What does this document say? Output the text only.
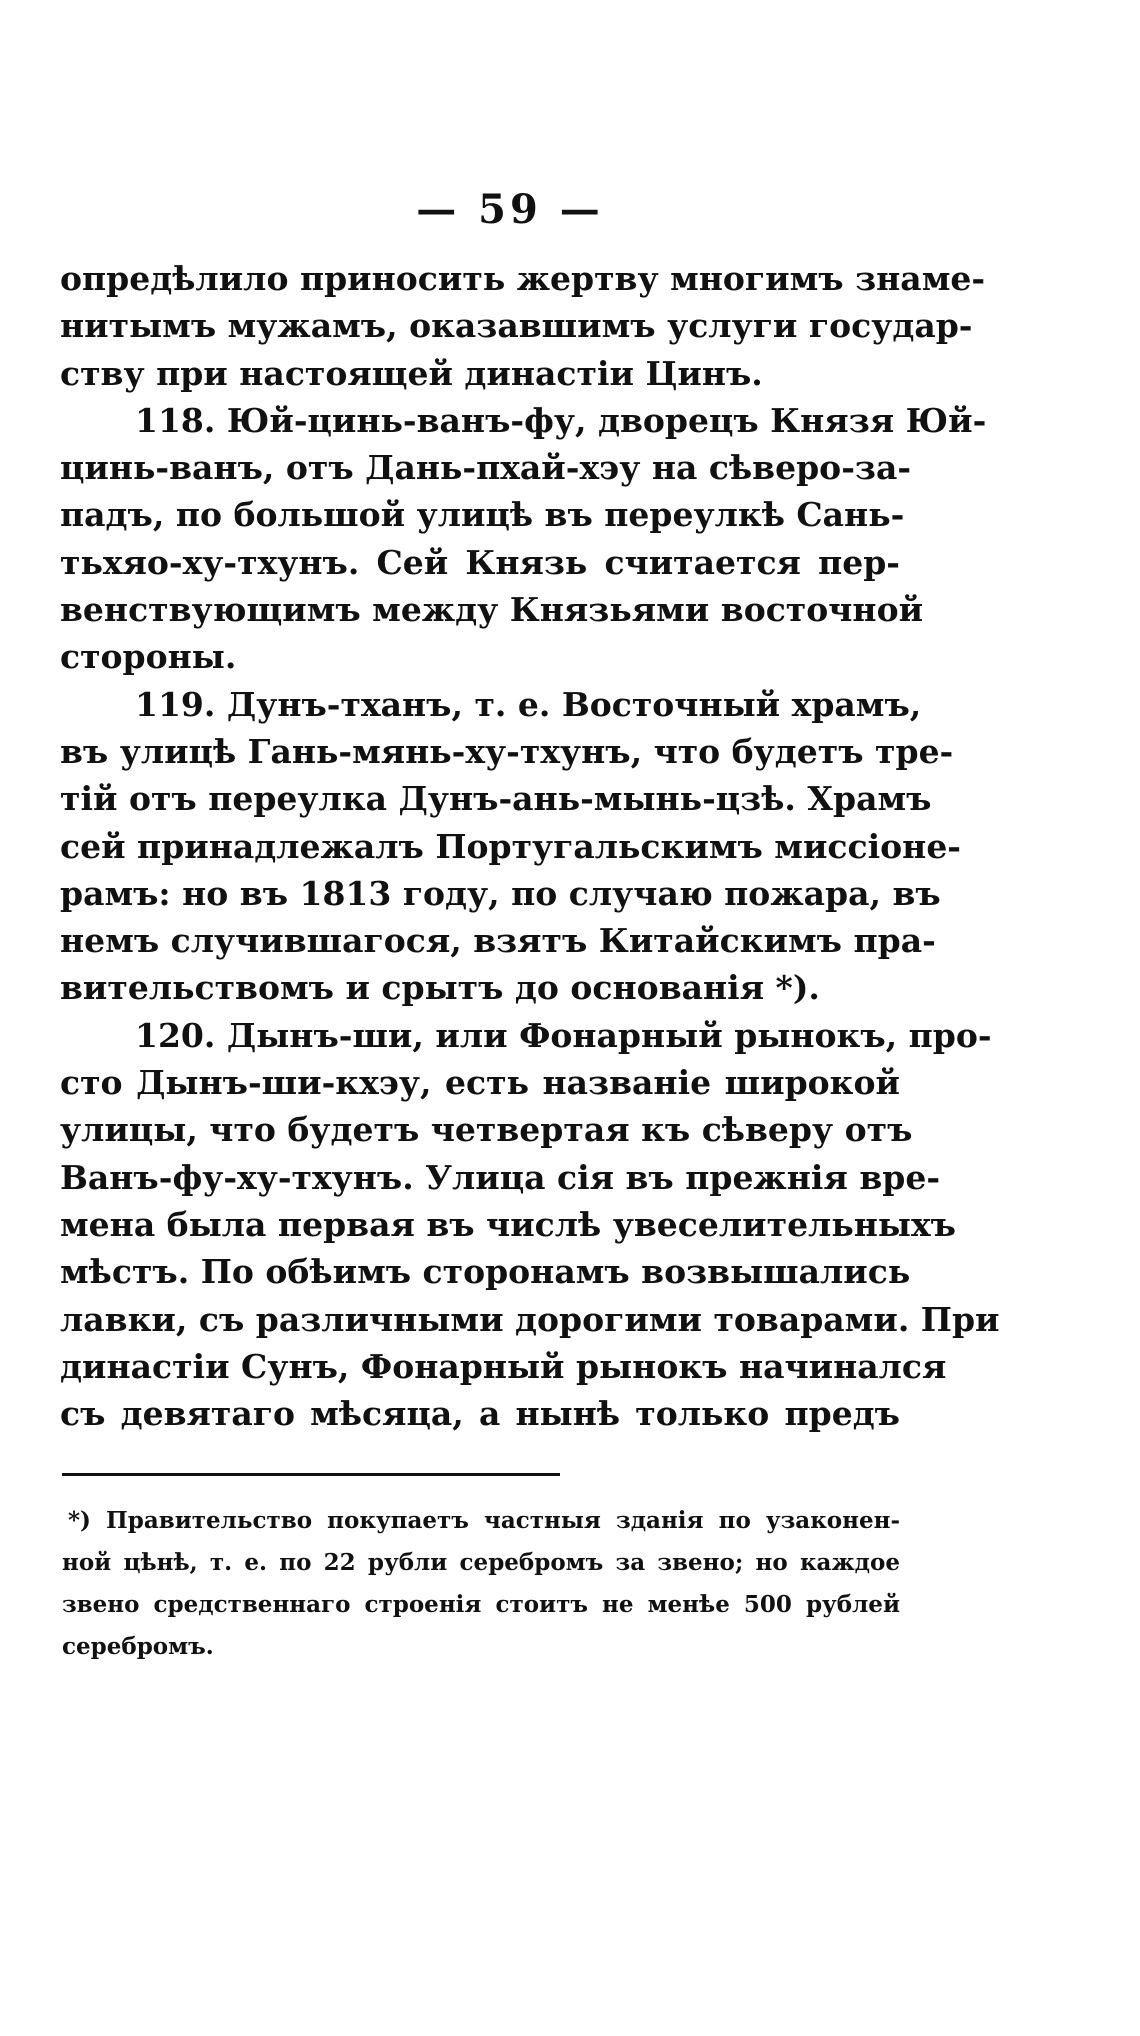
— 59 —
опредѣлило приносить жертву многимъ знаме-
нитымъ мужамъ, оказавшимъ услуги государ-
ству при настоящей династіи Цинъ.
118. Юй-цинь-ванъ-фу, дворецъ Князя Юй-
цинь-ванъ, отъ Дань-пхай-хэу на сѣверо-за-
падъ, по большой улицѣ въ переулкѣ Сань-
тьхяо-ху-тхунъ. Сей Князь считается пер-
венствующимъ между Князьями восточной
стороны.
119. Дунъ-тханъ, т. е. Восточный храмъ,
въ улицѣ Гань-мянь-ху-тхунъ, что будетъ тре-
тій отъ переулка Дунъ-ань-мынь-цзѣ. Храмъ
сей принадлежалъ Португальскимъ миссіоне-
рамъ: но въ 1813 году, по случаю пожара, въ
немъ случившагося, взятъ Китайскимъ пра-
вительствомъ и срытъ до основанія *).
120. Дынъ-ши, или Фонарный рынокъ, про-
сто Дынъ-ши-кхэу, есть названіе широкой
улицы, что будетъ четвертая къ сѣверу отъ
Ванъ-фу-ху-тхунъ. Улица сія въ прежнія вре-
мена была первая въ числѣ увеселительныхъ
мѣстъ. По обѣимъ сторонамъ возвышались
лавки, съ различными дорогими товарами. При
династіи Сунъ, Фонарный рынокъ начинался
съ девятаго мѣсяца, а нынѣ только предъ
*) Правительство покупаетъ частныя зданія по узаконен-
ной цѣнѣ, т. е. по 22 рубли серебромъ за звено; но каждое
звено средственнаго строенія стоитъ не менѣе 500 рублей
серебромъ.
